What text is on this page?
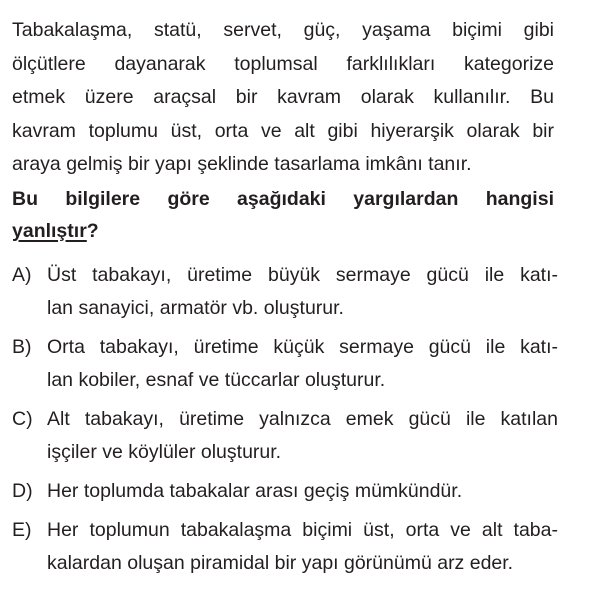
Tabakalaşma, statü, servet, güç, yaşama biçimi gibi
ölçütlere dayanarak toplumsal farklılıkları kategorize
etmek üzere araçsal bir kavram olarak kullanılır. Bu
kavram toplumu üst, orta ve alt gibi hiyerarşik olarak bir
araya gelmiş bir yapı şeklinde tasarlama imkânı tanır.
Bu bilgilere göre aşağıdaki yargılardan hangisi
yanlıştır?
A) Üst tabakayı, üretime büyük sermaye gücü ile katı-
lan sanayici, armatör vb. oluşturur.
B) Orta tabakayı, üretime küçük sermaye gücü ile katı-
lan kobiler, esnaf ve tüccarlar oluşturur.
C) Alt tabakayı, üretime yalnızca emek gücü ile katılan
işçiler ve köylüler oluşturur.
D) Her toplumda tabakalar arası geçiş mümkündür.
E) Her toplumun tabakalaşma biçimi üst, orta ve alt taba-
kalardan oluşan piramidal bir yapı görünümü arz eder.
